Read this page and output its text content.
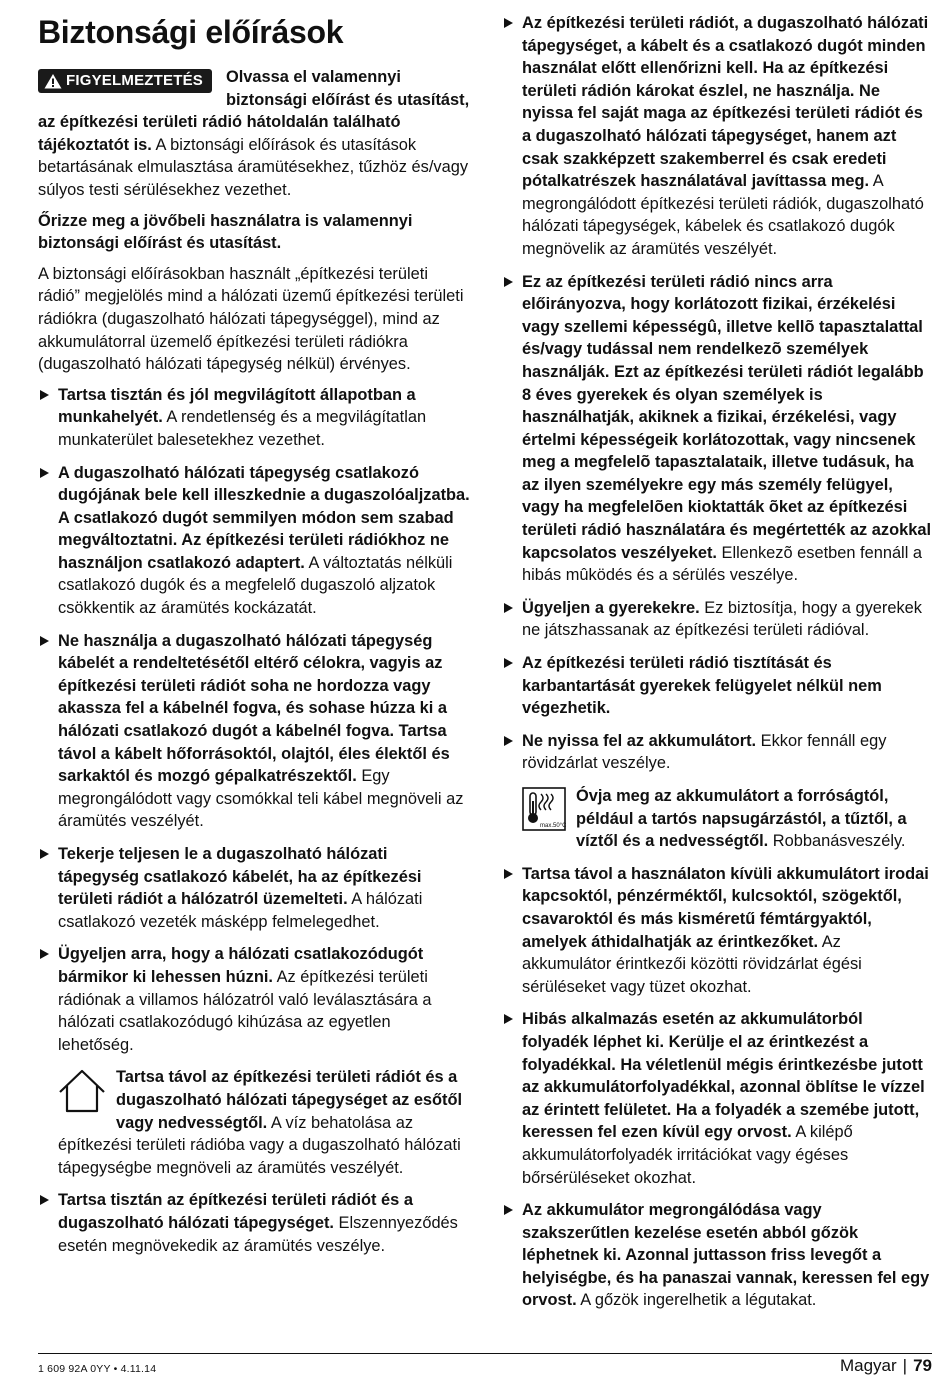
Biztonsági előírások
FIGYELMEZTETÉS Olvassa el valamennyi biztonsági előírást és utasítást, az építkezési területi rádió hátoldalán található tájékoztatót is. A biztonsági előírások és utasítások betartásának elmulasztása áramütésekhez, tűzhöz és/vagy súlyos testi sérülésekhez vezethet.

Őrizze meg a jövőbeli használatra is valamennyi biztonsági előírást és utasítást.

A biztonsági előírásokban használt „építkezési területi rádió” megjelölés mind a hálózati üzemű építkezési területi rádiókra (dugaszolható hálózati tápegységgel), mind az akkumulátorral üzemelő építkezési területi rádiókra (dugaszolható hálózati tápegység nélkül) érvényes.

Tartsa tisztán és jól megvilágított állapotban a munkahelyét. A rendetlenség és a megvilágítatlan munkaterület balesetekhez vezethet.
A dugaszolható hálózati tápegység csatlakozó dugójának bele kell illeszkednie a dugaszolóaljzatba. A csatlakozó dugót semmilyen módon sem szabad megváltoztatni. Az építkezési területi rádiókhoz ne használjon csatlakozó adaptert. A változtatás nélküli csatlakozó dugók és a megfelelő dugaszoló aljzatok csökkentik az áramütés kockázatát.
Ne használja a dugaszolható hálózati tápegység kábelét a rendeltetésétől eltérő célokra, vagyis az építkezési területi rádiót soha ne hordozza vagy akassza fel a kábelnél fogva, és sohase húzza ki a hálózati csatlakozó dugót a kábelnél fogva. Tartsa távol a kábelt hőforrásoktól, olajtól, éles élektől és sarkaktól és mozgó gépalkatrészektől. Egy megrongálódott vagy csomókkal teli kábel megnöveli az áramütés veszélyét.
Tekerje teljesen le a dugaszolható hálózati tápegység csatlakozó kábelét, ha az építkezési területi rádiót a hálózatról üzemelteti. A hálózati csatlakozó vezeték másképp felmelegedhet.
Ügyeljen arra, hogy a hálózati csatlakozódugót bármikor ki lehessen húzni. Az építkezési területi rádiónak a villamos hálózatról való leválasztására a hálózati csatlakozódugó kihúzása az egyetlen lehetőség.
Tartsa távol az építkezési területi rádiót és a dugaszolható hálózati tápegységet az esőtől vagy nedvességtől. A víz behatolása az építkezési területi rádióba vagy a dugaszolható hálózati tápegységbe megnöveli az áramütés veszélyét.
Tartsa tisztán az építkezési területi rádiót és a dugaszolható hálózati tápegységet. Elszennyeződés esetén megnövekedik az áramütés veszélye.
Az építkezési területi rádiót, a dugaszolható hálózati tápegységet, a kábelt és a csatlakozó dugót minden használat előtt ellenőrizni kell. Ha az építkezési területi rádión károkat észlel, ne használja. Ne nyissa fel saját maga az építkezési területi rádiót és a dugaszolható hálózati tápegységet, hanem azt csak szakképzett szakemberrel és csak eredeti pótalkatrészek használatával javíttassa meg. A megrongálódott építkezési területi rádiók, dugaszolható hálózati tápegységek, kábelek és csatlakozó dugók megnövelik az áramütés veszélyét.
Ez az építkezési területi rádió nincs arra előirányozva, hogy korlátozott fizikai, érzékelési vagy szellemi képességû, illetve kellõ tapasztalattal és/vagy tudással nem rendelkezõ személyek használják. Ezt az építkezési területi rádiót legalább 8 éves gyerekek és olyan személyek is használhatják, akiknek a fizikai, érzékelési, vagy értelmi képességeik korlátozottak, vagy nincsenek meg a megfelelõ tapasztalataik, illetve tudásuk, ha az ilyen személyekre egy más személy felügyel, vagy ha megfelelõen kioktatták õket az építkezési területi rádió használatára és megértették az azokkal kapcsolatos veszélyeket. Ellenkezõ esetben fennáll a hibás mûködés és a sérülés veszélye.
Ügyeljen a gyerekekre. Ez biztosítja, hogy a gyerekek ne játszhassanak az építkezési területi rádióval.
Az építkezési területi rádió tisztítását és karbantartását gyerekek felügyelet nélkül nem végezhetik.
Ne nyissa fel az akkumulátort. Ekkor fennáll egy rövidzárlat veszélye.
max.50°C
Óvja meg az akkumulátort a forróságtól, például a tartós napsugárzástól, a tűztől, a víztől és a nedvességtől. Robbanásveszély.
Tartsa távol a használaton kívüli akkumulátort irodai kapcsoktól, pénzérméktől, kulcsoktól, szögektől, csavaroktól és más kisméretű fémtárgyaktól, amelyek áthidalhatják az érintkezőket. Az akkumulátor érintkezői közötti rövidzárlat égési sérüléseket vagy tüzet okozhat.
Hibás alkalmazás esetén az akkumulátorból folyadék léphet ki. Kerülje el az érintkezést a folyadékkal. Ha véletlenül mégis érintkezésbe jutott az akkumulátorfolyadékkal, azonnal öblítse le vízzel az érintett felületet. Ha a folyadék a szemébe jutott, keressen fel ezen kívül egy orvost. A kilépő akkumulátorfolyadék irritációkat vagy égéses bőrsérüléseket okozhat.
Az akkumulátor megrongálódása vagy szakszerűtlen kezelése esetén abból gőzök léphetnek ki. Azonnal juttasson friss levegőt a helyiségbe, és ha panaszai vannak, keressen fel egy orvost. A gőzök ingerelhetik a légutakat.
1 609 92A 0YY • 4.11.14	Magyar | 79
